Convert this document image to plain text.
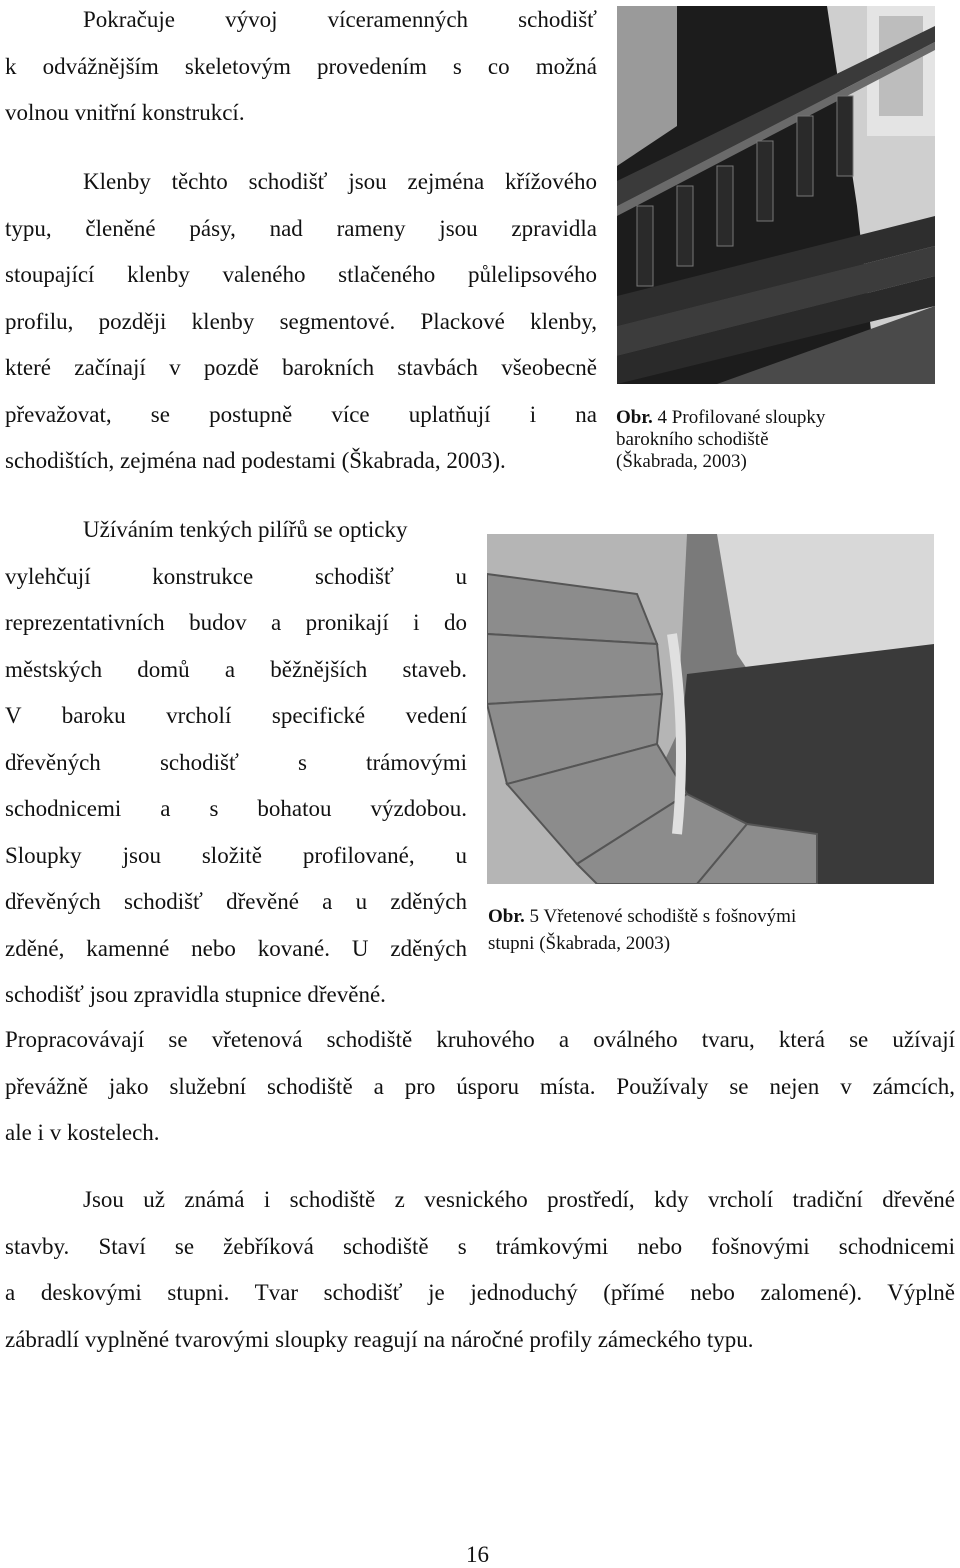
Pokračuje vývoj víceramenných schodišť
k odvážnějším skeletovým provedením s co možná
volnou vnitřní konstrukcí.
Klenby těchto schodišť jsou zejména křížového
typu, členěné pásy, nad rameny jsou zpravidla
stoupající klenby valeného stlačeného půlelipsového
profilu, později klenby segmentové. Plackové klenby,
které začínají v pozdě barokních stavbách všeobecně
převažovat, se postupně více uplatňují i na
schodištích, zejména nad podestami (Škabrada, 2003).
Obr. 4 Profilované sloupky
barokního schodiště
(Škabrada, 2003)
Užíváním tenkých pilířů se opticky
vylehčují konstrukce schodišť u
reprezentativních budov a pronikají i do
městských domů a běžnějších staveb.
V baroku vrcholí specifické vedení
dřevěných schodišť s trámovými
schodnicemi a s bohatou výzdobou.
Sloupky jsou složitě profilované, u
dřevěných schodišť dřevěné a u zděných
zděné, kamenné nebo kované. U zděných
schodišť jsou zpravidla stupnice dřevěné.
Obr. 5 Vřetenové schodiště s fošnovými
stupni (Škabrada, 2003)
Propracovávají se vřetenová schodiště kruhového a oválného tvaru, která se užívají
převážně jako služební schodiště a pro úsporu místa. Používaly se nejen v zámcích,
ale i v kostelech.
Jsou už známá i schodiště z vesnického prostředí, kdy vrcholí tradiční dřevěné
stavby. Staví se žebříková schodiště s trámkovými nebo fošnovými schodnicemi
a deskovými stupni. Tvar schodišť je jednoduchý (přímé nebo zalomené). Výplně
zábradlí vyplněné tvarovými sloupky reagují na náročné profily zámeckého typu.
16
